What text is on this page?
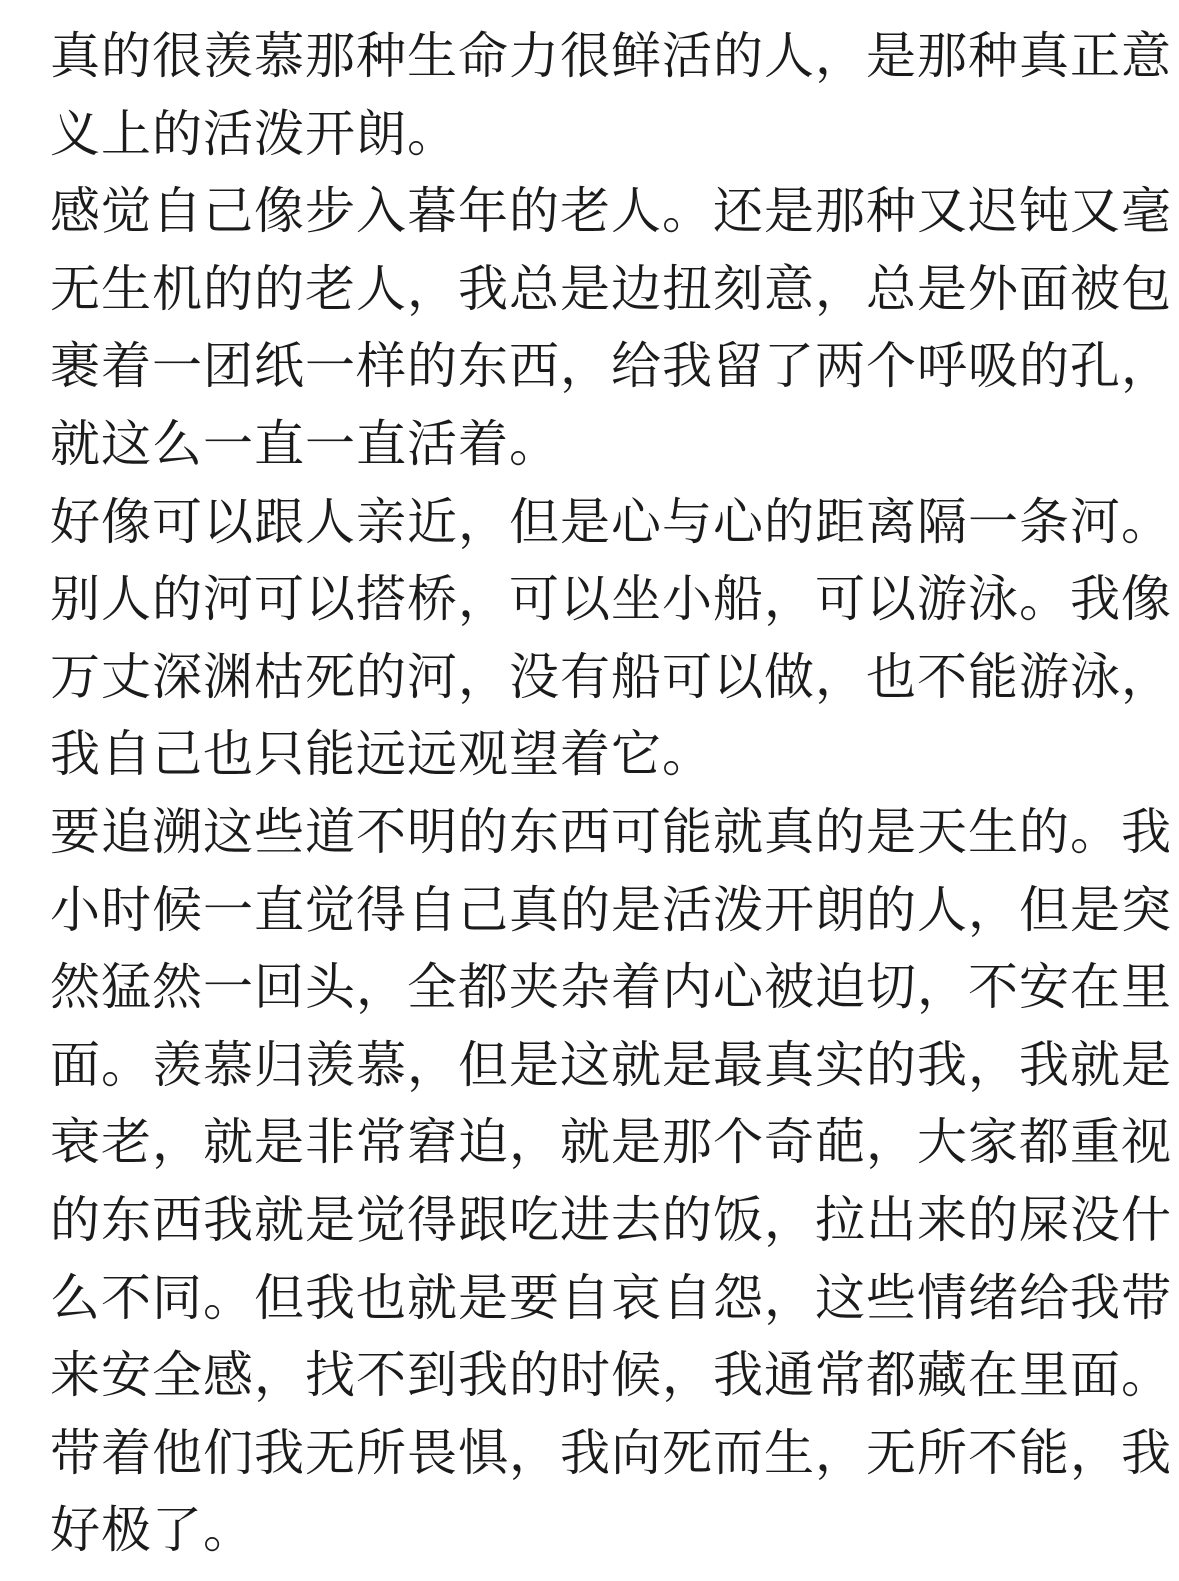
真的很羡慕那种生命力很鲜活的人，是那种真正意

义上的活泼开朗。

感觉自己像步入暮年的老人。还是那种又迟钝又毫

无生机的的老人，我总是边扭刻意，总是外面被包

裹着一团纸一样的东西，给我留了两个呼吸的孔，

就这么一直一直活着。

好像可以跟人亲近，但是心与心的距离隔一条河。

别人的河可以搭桥，可以坐小船，可以游泳。我像

万丈深渊枯死的河，没有船可以做，也不能游泳，

我自己也只能远远观望着它。

要追溯这些道不明的东西可能就真的是天生的。我

小时候一直觉得自己真的是活泼开朗的人，但是突

然猛然一回头，全都夹杂着内心被迫切，不安在里

面。羡慕归羡慕，但是这就是最真实的我，我就是

衰老，就是非常窘迫，就是那个奇葩，大家都重视

的东西我就是觉得跟吃进去的饭，拉出来的屎没什

么不同。但我也就是要自哀自怨，这些情绪给我带

来安全感，找不到我的时候，我通常都藏在里面。

带着他们我无所畏惧，我向死而生，无所不能，我

好极了。
